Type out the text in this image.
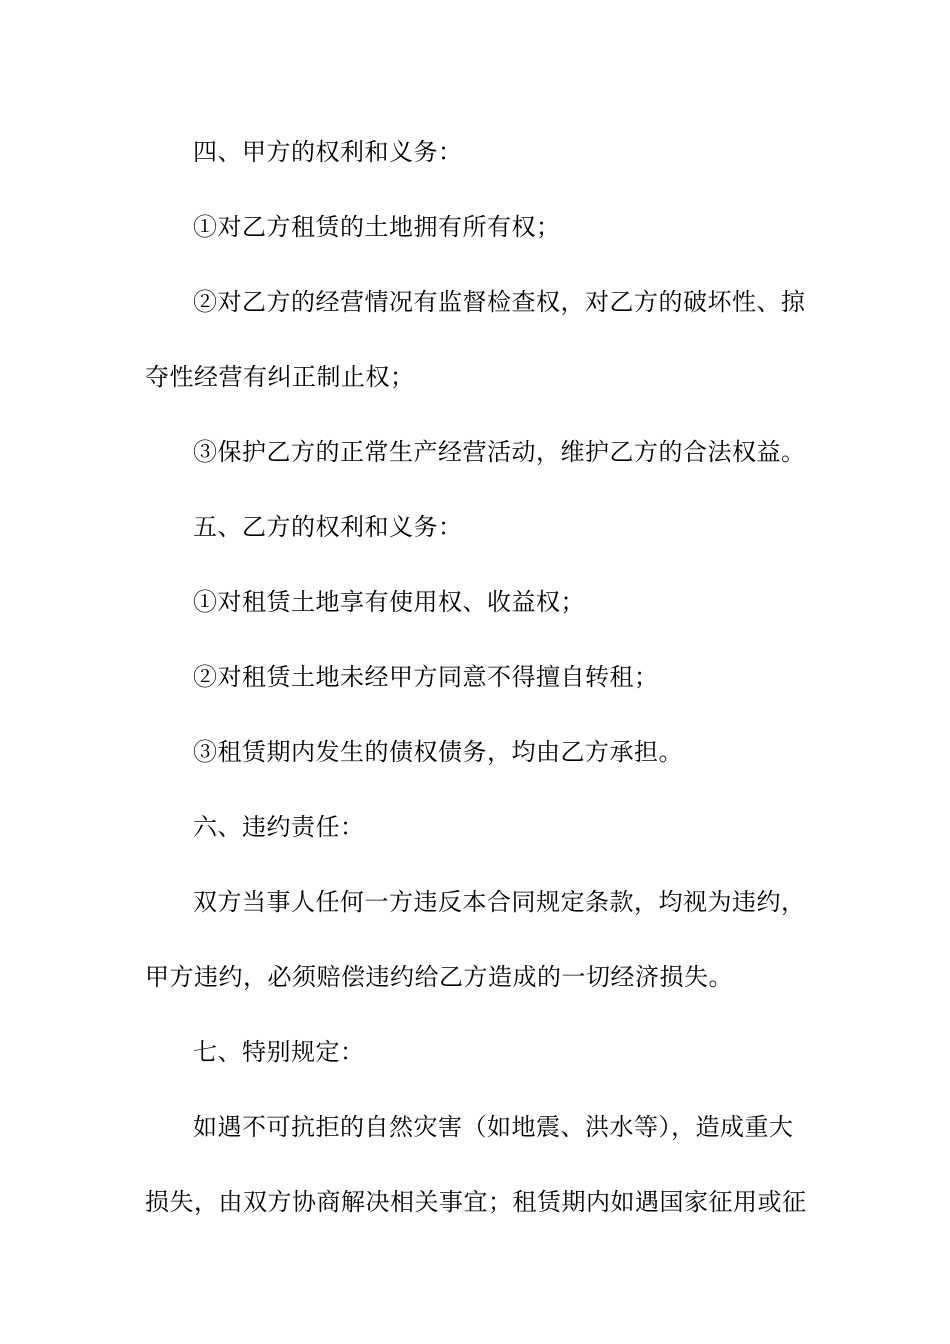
四、甲方的权利和义务：
①对乙方租赁的土地拥有所有权；
②对乙方的经营情况有监督检查权，对乙方的破坏性、掠
夺性经营有纠正制止权；
③保护乙方的正常生产经营活动，维护乙方的合法权益。
五、乙方的权利和义务：
①对租赁土地享有使用权、收益权；
②对租赁土地未经甲方同意不得擅自转租；
③租赁期内发生的债权债务，均由乙方承担。
六、违约责任：
双方当事人任何一方违反本合同规定条款，均视为违约，
甲方违约，必须赔偿违约给乙方造成的一切经济损失。
七、特别规定：
如遇不可抗拒的自然灾害（如地震、洪水等），造成重大
损失，由双方协商解决相关事宜；租赁期内如遇国家征用或征
